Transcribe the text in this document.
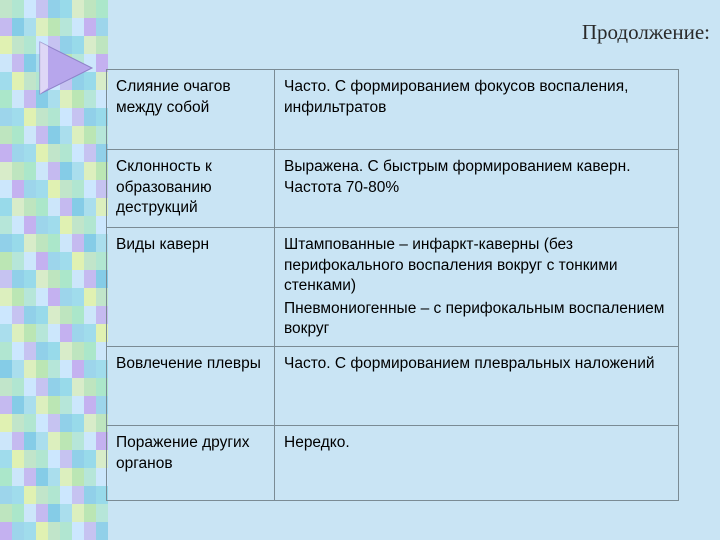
Продолжение:
Слияние очагов между собой	Часто. С формированием фокусов воспаления, инфильтратов

Склонность к образованию деструкций	Выражена. С быстрым формированием каверн. Частота 70-80%

Виды каверн	Штампованные – инфаркт-каверны (без перифокального воспаления вокруг с тонкими стенками)
Пневмониогенные – с перифокальным воспалением вокруг

Вовлечение плевры	Часто. С формированием плевральных наложений

Поражение других органов	Нередко.
